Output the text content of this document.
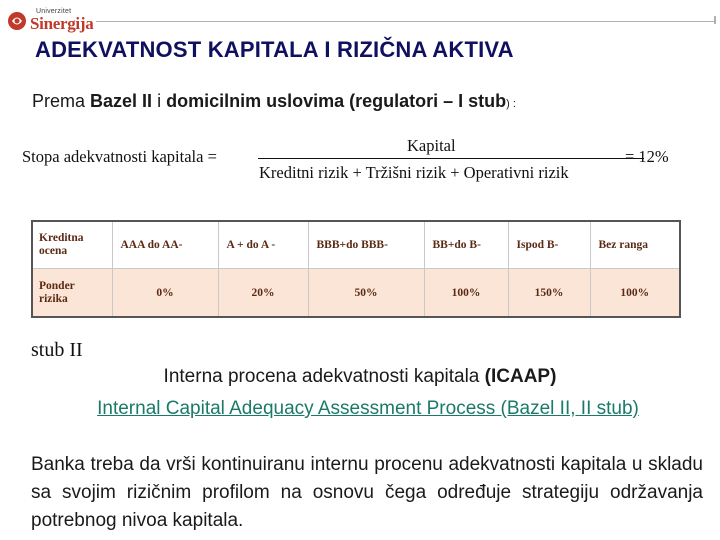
Univerzitet
Sinergija
ADEKVATNOST KAPITALA I RIZIČNA AKTIVA
Prema Bazel II i domicilnim uslovima (regulatori – I stub) :
Stopa adekvatnosti kapitala =
Kapital
Kreditni rizik + Tržišni rizik + Operativni rizik
= 12%
Kreditna
ocena	AAA do AA-	A + do A -	BBB+do BBB-	BB+do B-	Ispod B-	Bez ranga
Ponder
rizika	0%	20%	50%	100%	150%	100%
stub II
Interna procena adekvatnosti kapitala (ICAAP)
Internal Capital Adequacy Assessment Process (Bazel II, II stub)
Banka treba da vrši kontinuiranu internu procenu adekvatnosti kapitala u skladu sa svojim rizičnim profilom na osnovu čega određuje strategiju održavanja potrebnog nivoa kapitala.
